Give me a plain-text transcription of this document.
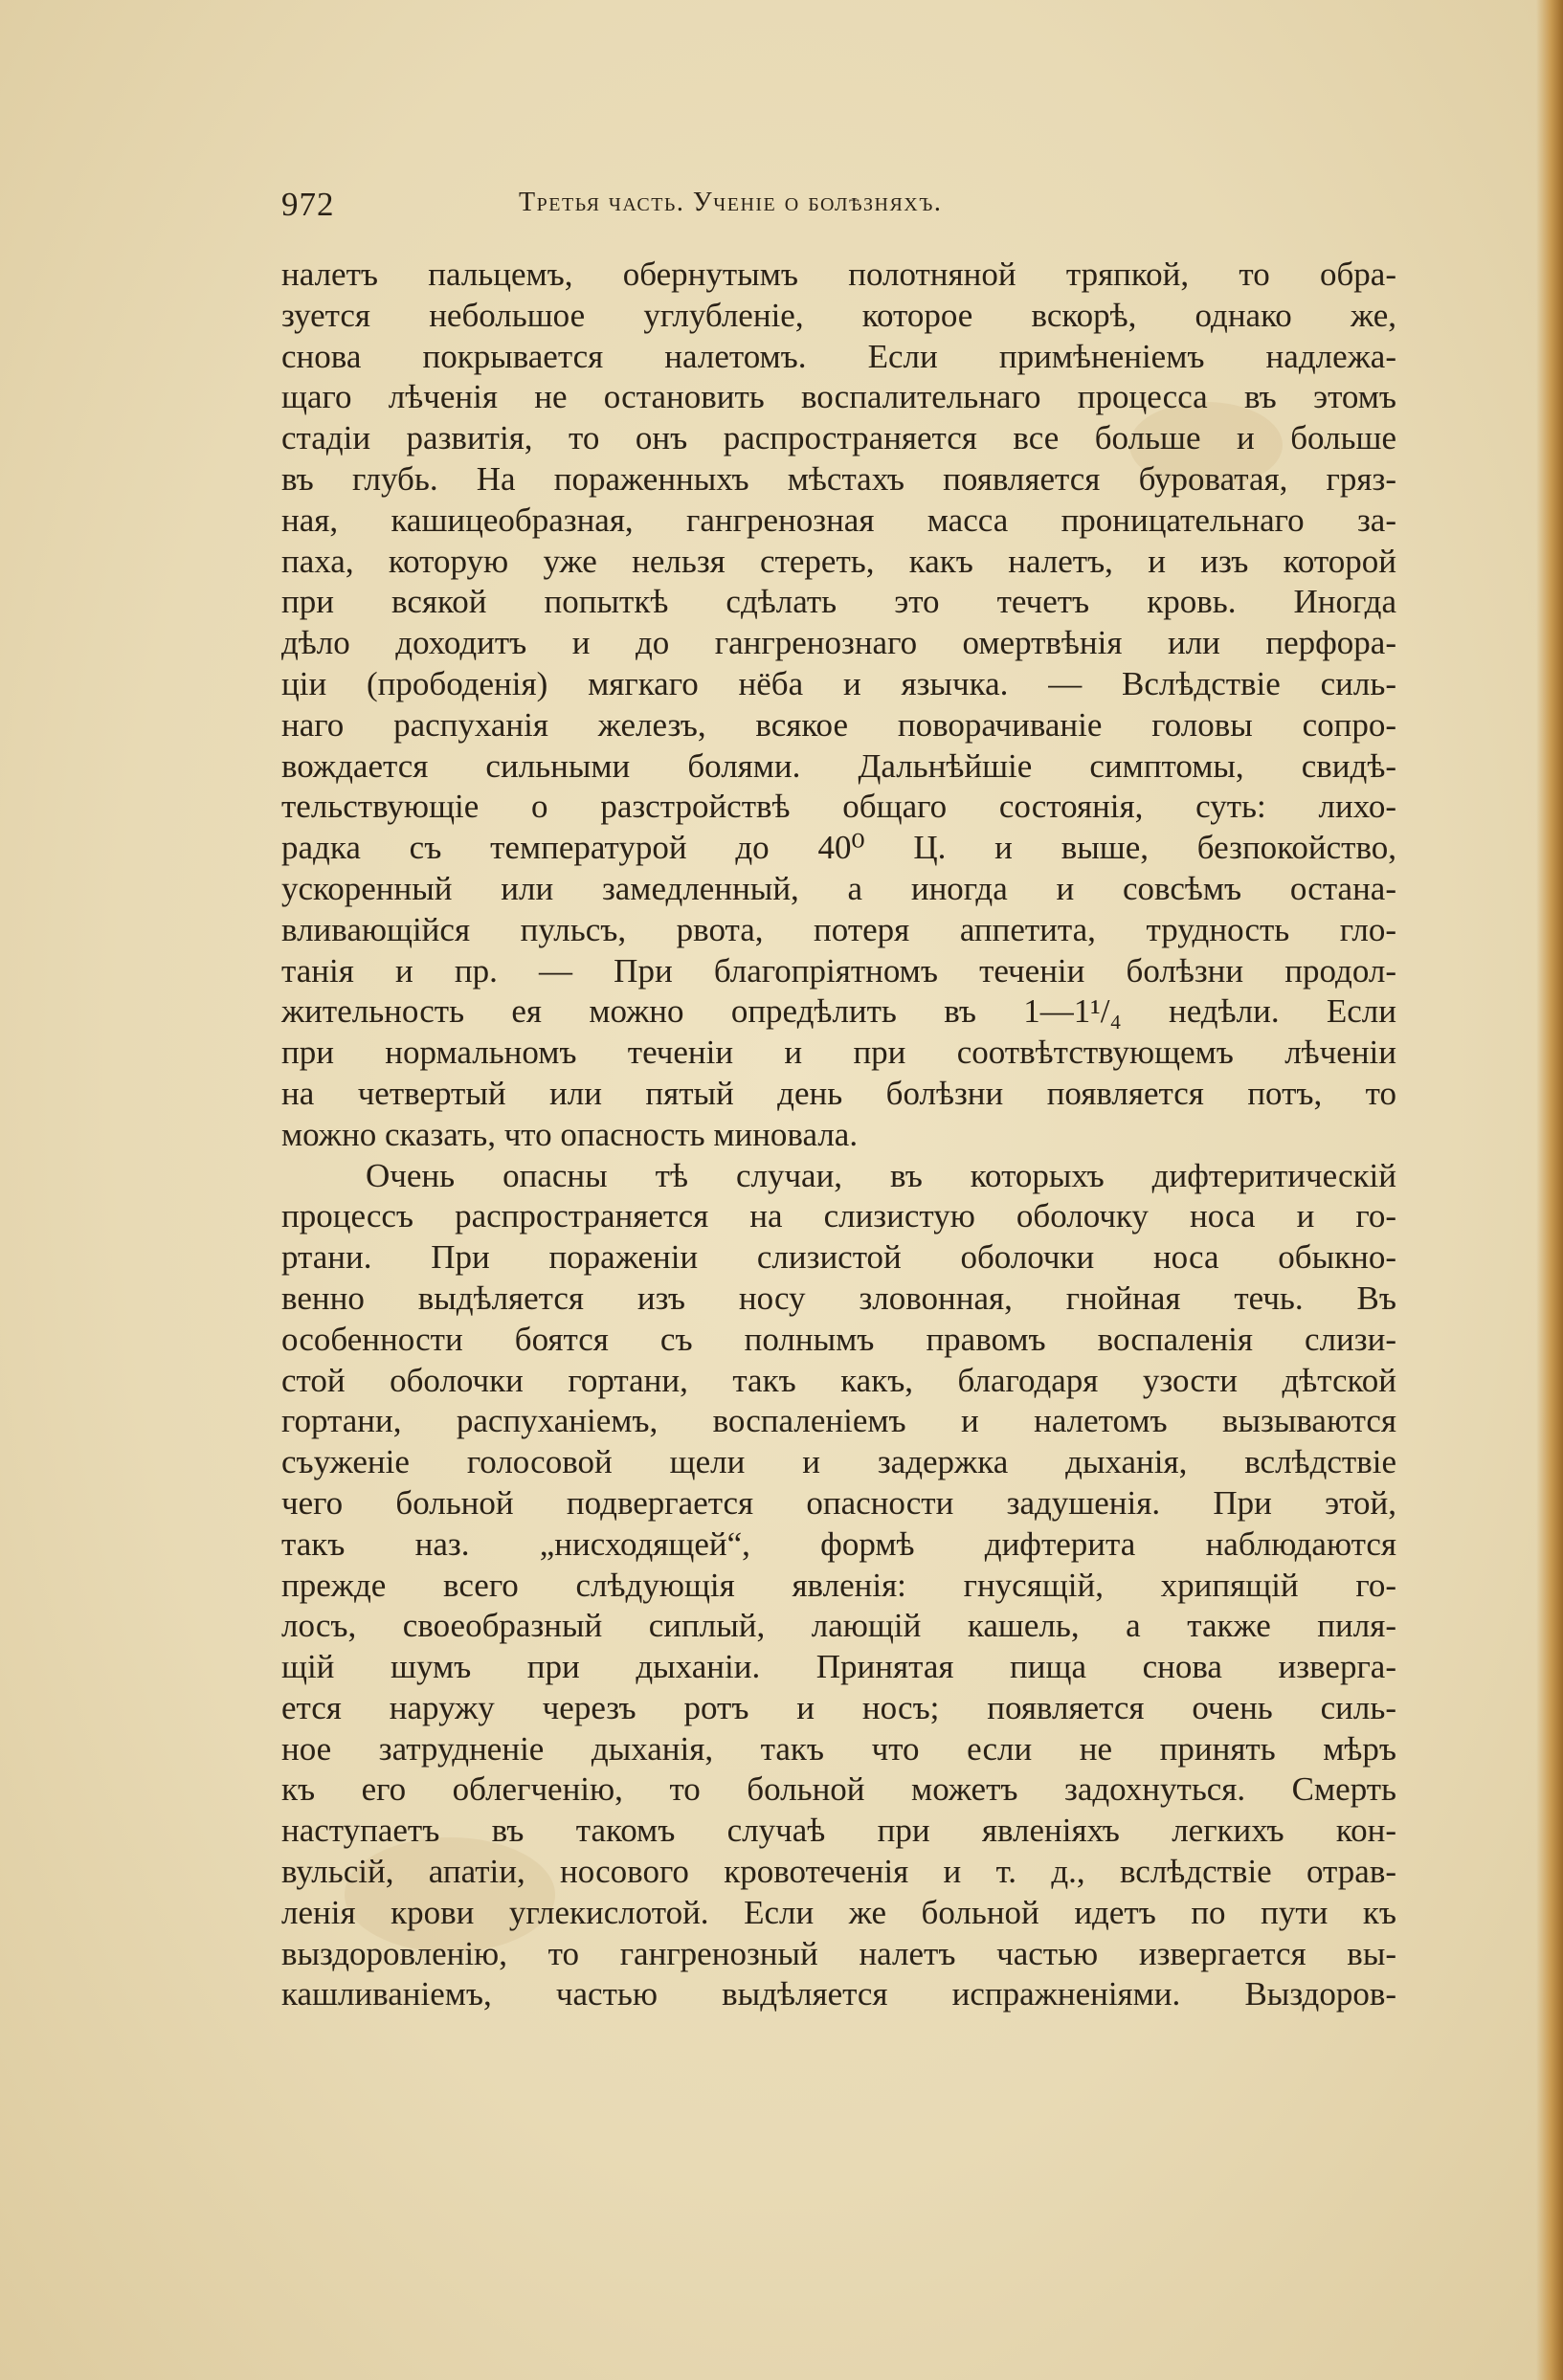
972	Третья часть. Ученіе о болѣзняхъ.
налетъ пальцемъ, обернутымъ полотняной тряпкой, то обра-
зуется небольшое углубленіе, которое вскорѣ, однако же,
снова покрывается налетомъ. Если примѣненіемъ надлежа-
щаго лѣченія не остановить воспалительнаго процесса въ этомъ
стадіи развитія, то онъ распространяется все больше и больше
въ глубь. На пораженныхъ мѣстахъ появляется буроватая, гряз-
ная, кашицеобразная, гангренозная масса проницательнаго за-
паха, которую уже нельзя стереть, какъ налетъ, и изъ которой
при всякой попыткѣ сдѣлать это течетъ кровь. Иногда
дѣло доходитъ и до гангренознаго омертвѣнія или перфора-
ціи (прободенія) мягкаго нёба и язычка. — Вслѣдствіе силь-
наго распуханія железъ, всякое поворачиваніе головы сопро-
вождается сильными болями. Дальнѣйшіе симптомы, свидѣ-
тельствующіе о разстройствѣ общаго состоянія, суть: лихо-
радка съ температурой до 40⁰ Ц. и выше, безпокойство,
ускоренный или замедленный, а иногда и совсѣмъ остана-
вливающійся пульсъ, рвота, потеря аппетита, трудность гло-
танія и пр. — При благопріятномъ теченіи болѣзни продол-
жительность ея можно опредѣлить въ 1—1¹/₄ недѣли. Если
при нормальномъ теченіи и при соотвѣтствующемъ лѣченіи
на четвертый или пятый день болѣзни появляется потъ, то
можно сказать, что опасность миновала.
Очень опасны тѣ случаи, въ которыхъ дифтеритическій
процессъ распространяется на слизистую оболочку носа и го-
ртани. При пораженіи слизистой оболочки носа обыкно-
венно выдѣляется изъ носу зловонная, гнойная течь. Въ
особенности боятся съ полнымъ правомъ воспаленія слизи-
стой оболочки гортани, такъ какъ, благодаря узости дѣтской
гортани, распуханіемъ, воспаленіемъ и налетомъ вызываются
съуженіе голосовой щели и задержка дыханія, вслѣдствіе
чего больной подвергается опасности задушенія. При этой,
такъ наз. „нисходящей“, формѣ дифтерита наблюдаются
прежде всего слѣдующія явленія: гнусящій, хрипящій го-
лосъ, своеобразный сиплый, лающій кашель, а также пиля-
щій шумъ при дыханіи. Принятая пища снова изверга-
ется наружу черезъ ротъ и носъ; появляется очень силь-
ное затрудненіе дыханія, такъ что если не принять мѣръ
къ его облегченію, то больной можетъ задохнуться. Смерть
наступаетъ въ такомъ случаѣ при явленіяхъ легкихъ кон-
вульсій, апатіи, носового кровотеченія и т. д., вслѣдствіе отрав-
ленія крови углекислотой. Если же больной идетъ по пути къ
выздоровленію, то гангренозный налетъ частью извергается вы-
кашливаніемъ, частью выдѣляется испражненіями. Выздоров-
